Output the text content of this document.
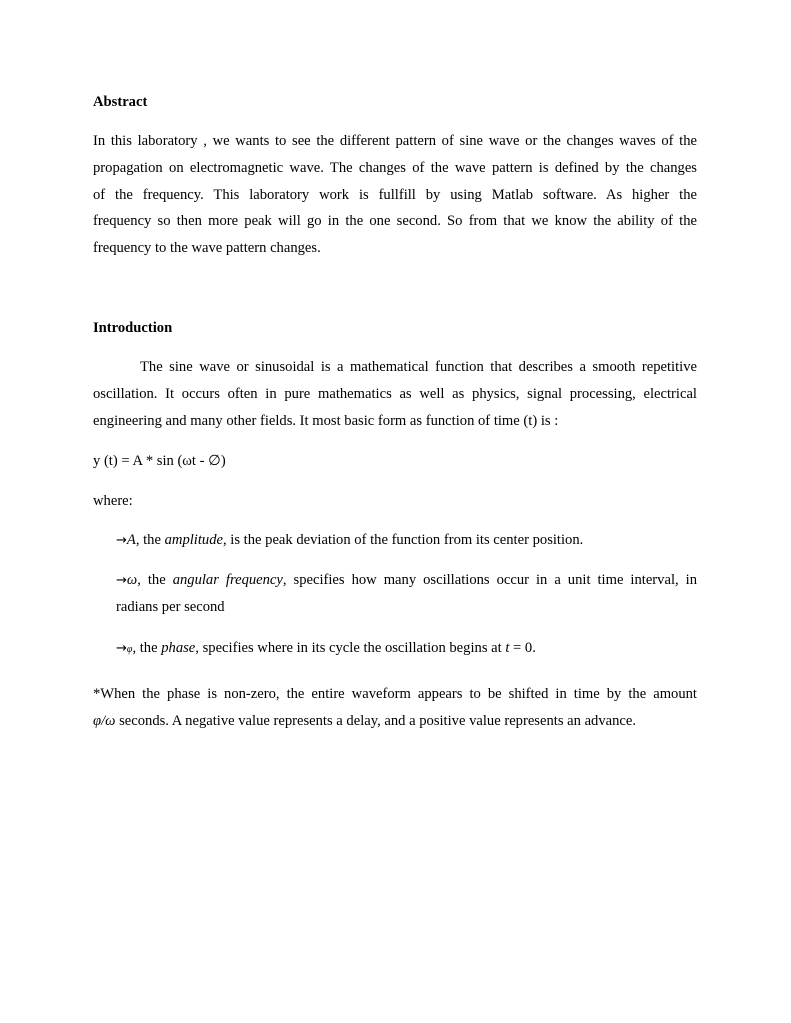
Abstract
In this laboratory , we wants to see the different pattern of sine wave or the changes waves of the
propagation on electromagnetic wave. The changes of the wave pattern is defined by the changes
of the frequency. This laboratory work is fullfill by using Matlab software. As higher the
frequency so then more peak will go in the one second. So from that we know the ability of the
frequency to the wave pattern changes.
Introduction
The sine wave or sinusoidal is a mathematical function that describes a smooth repetitive
oscillation. It occurs often in pure mathematics as well as physics, signal processing, electrical
engineering and many other fields. It most basic form as function of time (t) is :
y (t) = A * sin (ωt - ∅)
where:
→A, the amplitude, is the peak deviation of the function from its center position.
→ω, the angular frequency, specifies how many oscillations occur in a unit time interval, in
radians per second
→φ, the phase, specifies where in its cycle the oscillation begins at t = 0.
*When the phase is non-zero, the entire waveform appears to be shifted in time by the amount
φ/ω seconds. A negative value represents a delay, and a positive value represents an advance.
